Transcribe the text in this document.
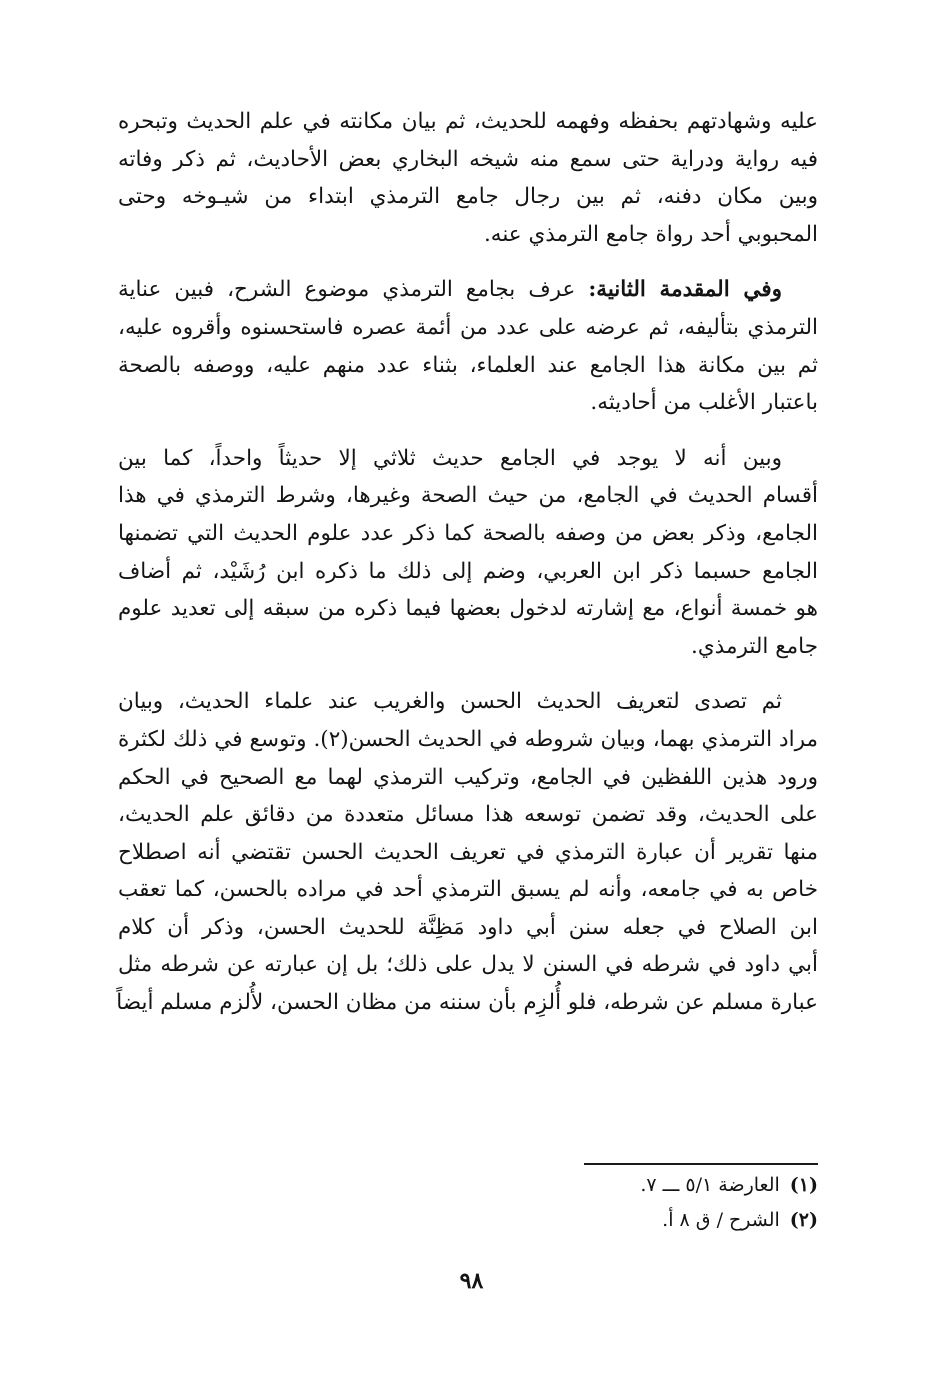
عليه وشهادتهم بحفظه وفهمه للحديث، ثم بيان مكانته في علم الحديث وتبحره
فيه رواية ودراية حتى سمع منه شيخه البخاري بعض الأحاديث، ثم ذكر وفاته
وبين مكان دفنه، ثم بين رجال جامع الترمذي ابتداء من شيـوخه وحتى
المحبوبي أحد رواة جامع الترمذي عنه.
وفي المقدمة الثانية: عرف بجامع الترمذي موضوع الشرح، فبين عناية
الترمذي بتأليفه، ثم عرضه على عدد من أئمة عصره فاستحسنوه وأقروه عليه،
ثم بين مكانة هذا الجامع عند العلماء، بثناء عدد منهم عليه، ووصفه بالصحة
باعتبار الأغلب من أحاديثه.
وبين أنه لا يوجد في الجامع حديث ثلاثي إلا حديثاً واحداً، كما بين
أقسام الحديث في الجامع، من حيث الصحة وغيرها، وشرط الترمذي في هذا
الجامع، وذكر بعض من وصفه بالصحة كما ذكر عدد علوم الحديث التي تضمنها
الجامع حسبما ذكر ابن العربي، وضم إلى ذلك ما ذكره ابن رُشَيْد، ثم أضاف
هو خمسة أنواع، مع إشارته لدخول بعضها فيما ذكره من سبقه إلى تعديد علوم
جامع الترمذي.
ثم تصدى لتعريف الحديث الحسن والغريب عند علماء الحديث، وبيان
مراد الترمذي بهما، وبيان شروطه في الحديث الحسن(٢). وتوسع في ذلك لكثرة
ورود هذين اللفظين في الجامع، وتركيب الترمذي لهما مع الصحيح في الحكم
على الحديث، وقد تضمن توسعه هذا مسائل متعددة من دقائق علم الحديث،
منها تقرير أن عبارة الترمذي في تعريف الحديث الحسن تقتضي أنه اصطلاح
خاص به في جامعه، وأنه لم يسبق الترمذي أحد في مراده بالحسن، كما تعقب
ابن الصلاح في جعله سنن أبي داود مَظِنَّة للحديث الحسن، وذكر أن كلام
أبي داود في شرطه في السنن لا يدل على ذلك؛ بل إن عبارته عن شرطه مثل
عبارة مسلم عن شرطه، فلو أُلزِم بأن سننه من مظان الحسن، لأُلزم مسلم أيضاً
(١)العارضة ٥/١ ـــ ٧.
(٢)الشرح / ق ٨ أ.
٩٨
